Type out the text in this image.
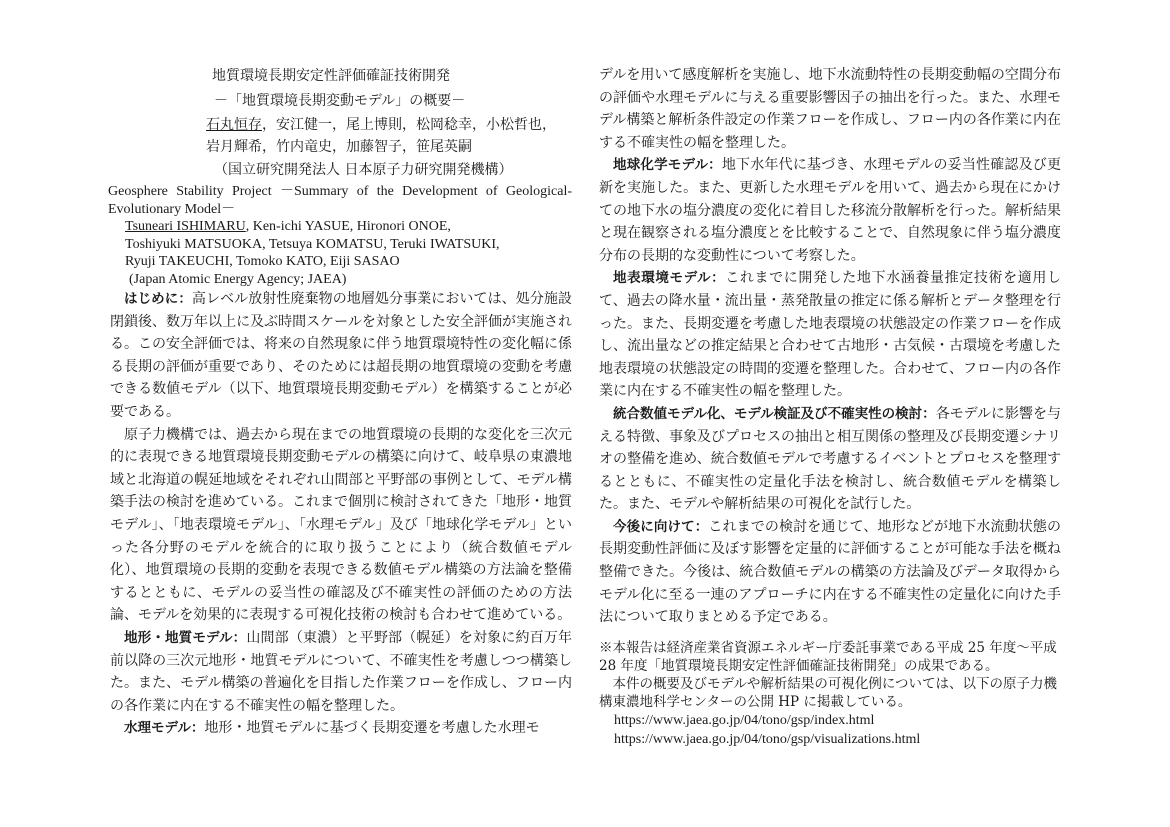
地質環境長期安定性評価確証技術開発

－「地質環境長期変動モデル」の概要－

石丸恒存，安江健一，尾上博則，松岡稔幸，小松哲也，
岩月輝希，竹内竜史，加藤智子，笹尾英嗣

（国立研究開発法人 日本原子力研究開発機構）

Geosphere Stability Project －Summary of the Development of Geological-Evolutionary Model－

Tsuneari ISHIMARU, Ken-ichi YASUE, Hironori ONOE,
Toshiyuki MATSUOKA, Tetsuya KOMATSU, Teruki IWATSUKI,
Ryuji TAKEUCHI, Tomoko KATO, Eiji SASAO

(Japan Atomic Energy Agency; JAEA)

はじめに：高レベル放射性廃棄物の地層処分事業においては、処分施設閉鎖後、数万年以上に及ぶ時間スケールを対象とした安全評価が実施される。この安全評価では、将来の自然現象に伴う地質環境特性の変化幅に係る長期の評価が重要であり、そのためには超長期の地質環境の変動を考慮できる数値モデル（以下、地質環境長期変動モデル）を構築することが必要である。

原子力機構では、過去から現在までの地質環境の長期的な変化を三次元的に表現できる地質環境長期変動モデルの構築に向けて、岐阜県の東濃地域と北海道の幌延地域をそれぞれ山間部と平野部の事例として、モデル構築手法の検討を進めている。これまで個別に検討されてきた「地形・地質モデル」、「地表環境モデル」、「水理モデル」及び「地球化学モデル」といった各分野のモデルを統合的に取り扱うことにより（統合数値モデル化）、地質環境の長期的変動を表現できる数値モデル構築の方法論を整備するとともに、モデルの妥当性の確認及び不確実性の評価のための方法論、モデルを効果的に表現する可視化技術の検討も合わせて進めている。

地形・地質モデル：山間部（東濃）と平野部（幌延）を対象に約百万年前以降の三次元地形・地質モデルについて、不確実性を考慮しつつ構築した。また、モデル構築の普遍化を目指した作業フローを作成し、フロー内の各作業に内在する不確実性の幅を整理した。

水理モデル：地形・地質モデルに基づく長期変遷を考慮した水理モ

デルを用いて感度解析を実施し、地下水流動特性の長期変動幅の空間分布の評価や水理モデルに与える重要影響因子の抽出を行った。また、水理モデル構築と解析条件設定の作業フローを作成し、フロー内の各作業に内在する不確実性の幅を整理した。

地球化学モデル：地下水年代に基づき、水理モデルの妥当性確認及び更新を実施した。また、更新した水理モデルを用いて、過去から現在にかけての地下水の塩分濃度の変化に着目した移流分散解析を行った。解析結果と現在観察される塩分濃度とを比較することで、自然現象に伴う塩分濃度分布の長期的な変動性について考察した。

地表環境モデル：これまでに開発した地下水涵養量推定技術を適用して、過去の降水量・流出量・蒸発散量の推定に係る解析とデータ整理を行った。また、長期変遷を考慮した地表環境の状態設定の作業フローを作成し、流出量などの推定結果と合わせて古地形・古気候・古環境を考慮した地表環境の状態設定の時間的変遷を整理した。合わせて、フロー内の各作業に内在する不確実性の幅を整理した。

統合数値モデル化、モデル検証及び不確実性の検討：各モデルに影響を与える特徴、事象及びプロセスの抽出と相互関係の整理及び長期変遷シナリオの整備を進め、統合数値モデルで考慮するイベントとプロセスを整理するとともに、不確実性の定量化手法を検討し、統合数値モデルを構築した。また、モデルや解析結果の可視化を試行した。

今後に向けて：これまでの検討を通じて、地形などが地下水流動状態の長期変動性評価に及ぼす影響を定量的に評価することが可能な手法を概ね整備できた。今後は、統合数値モデルの構築の方法論及びデータ取得からモデル化に至る一連のアプローチに内在する不確実性の定量化に向けた手法について取りまとめる予定である。

※本報告は経済産業省資源エネルギー庁委託事業である平成 25 年度～平成 28 年度「地質環境長期安定性評価確証技術開発」の成果である。

本件の概要及びモデルや解析結果の可視化例については、以下の原子力機構東濃地科学センターの公開 HP に掲載している。

https://www.jaea.go.jp/04/tono/gsp/index.html

https://www.jaea.go.jp/04/tono/gsp/visualizations.html
